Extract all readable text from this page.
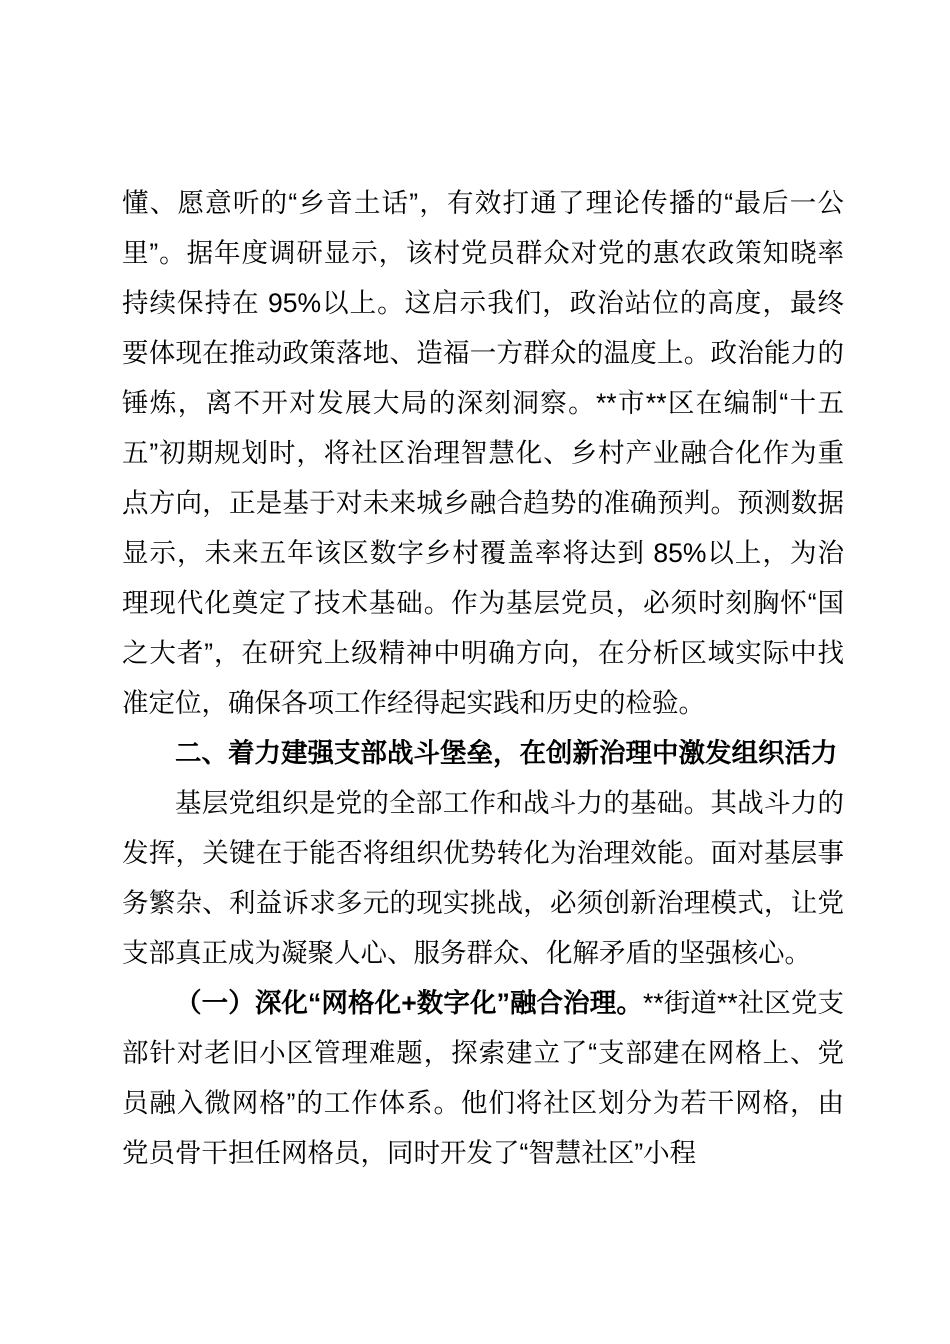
懂、愿意听的“乡音土话”，有效打通了理论传播的“最后一公里”。据年度调研显示，该村党员群众对党的惠农政策知晓率持续保持在 95%以上。这启示我们，政治站位的高度，最终要体现在推动政策落地、造福一方群众的温度上。政治能力的锤炼，离不开对发展大局的深刻洞察。**市**区在编制“十五五”初期规划时，将社区治理智慧化、乡村产业融合化作为重点方向，正是基于对未来城乡融合趋势的准确预判。预测数据显示，未来五年该区数字乡村覆盖率将达到 85%以上，为治理现代化奠定了技术基础。作为基层党员，必须时刻胸怀“国之大者”，在研究上级精神中明确方向，在分析区域实际中找准定位，确保各项工作经得起实践和历史的检验。

二、着力建强支部战斗堡垒，在创新治理中激发组织活力

基层党组织是党的全部工作和战斗力的基础。其战斗力的发挥，关键在于能否将组织优势转化为治理效能。面对基层事务繁杂、利益诉求多元的现实挑战，必须创新治理模式，让党支部真正成为凝聚人心、服务群众、化解矛盾的坚强核心。

（一）深化“网格化+数字化”融合治理。**街道**社区党支部针对老旧小区管理难题，探索建立了“支部建在网格上、党员融入微网格”的工作体系。他们将社区划分为若干网格，由党员骨干担任网格员，同时开发了“智慧社区”小程
